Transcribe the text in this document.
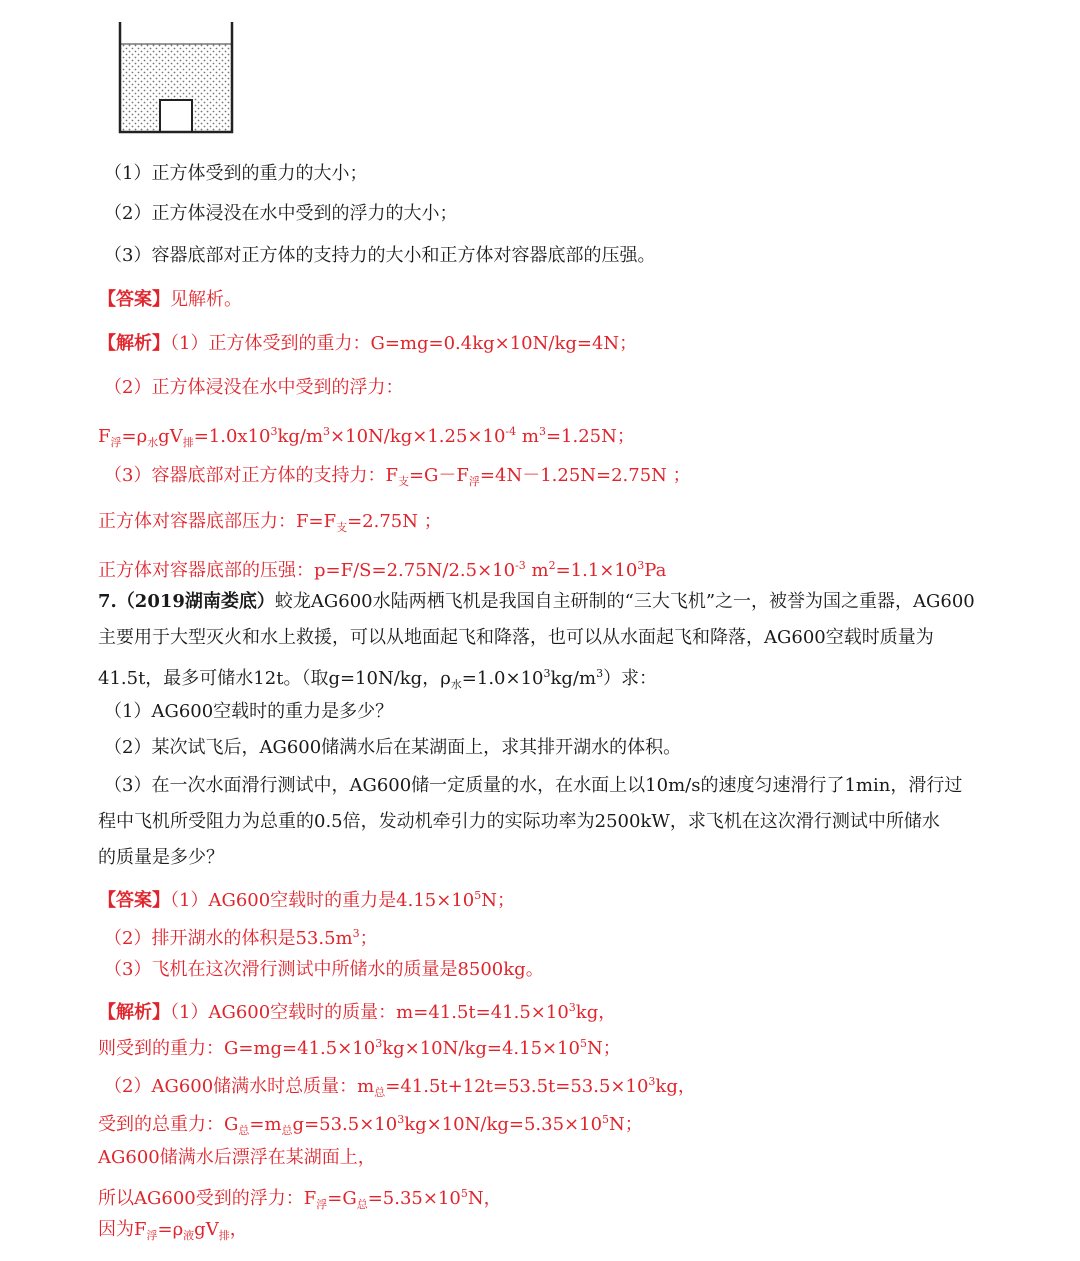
（1）正方体受到的重力的大小；
（2）正方体浸没在水中受到的浮力的大小；
（3）容器底部对正方体的支持力的大小和正方体对容器底部的压强。
【答案】见解析。
【解析】（1）正方体受到的重力：G=mg=0.4kg×10N/kg=4N；
（2）正方体浸没在水中受到的浮力：
$F_浮=\rho_水gV_排=1.0x10^3kg/m^3\times 10N/kg\times 1.25\times 10^{-4}$ $m^3=1.25N$；
（3）容器底部对正方体的支持力：$F_支=G-F_浮=4N-1.25N=2.75N$ ；
正方体对容器底部压力：$F=F_支=2.75N$ ；
正方体对容器底部的压强：$p=F/S=2.75N/2.5\times 10^{-3}$ $m^2=1.1\times 10^3Pa$
7.（2019湖南娄底）蛟龙AG600水陆两栖飞机是我国自主研制的“三大飞机”之一，被誉为国之重器，AG600
主要用于大型灭火和水上救援，可以从地面起飞和降落，也可以从水面起飞和降落，AG600空载时质量为
41.5t，最多可储水12t。（取g=10N/kg，$\rho_水=1.0\times 10^3kg/m^3$）求：
（1）AG600空载时的重力是多少？
（2）某次试飞后，AG600储满水后在某湖面上，求其排开湖水的体积。
（3）在一次水面滑行测试中，AG600储一定质量的水，在水面上以10m/s的速度匀速滑行了1min，滑行过
程中飞机所受阻力为总重的0.5倍，发动机牵引力的实际功率为2500kW，求飞机在这次滑行测试中所储水
的质量是多少？
【答案】（1）AG600空载时的重力是$4.15\times 10^5N$；
（2）排开湖水的体积是$53.5m^3$；
（3）飞机在这次滑行测试中所储水的质量是8500kg。
【解析】（1）AG600空载时的质量：$m=41.5t=41.5\times 10^3kg$，
则受到的重力：$G=mg=41.5\times 10^3kg\times 10N/kg=4.15\times 10^5N$；
（2）AG600储满水时总质量：$m_总=41.5t+12t=53.5t=53.5\times 10^3kg$，
受到的总重力：$G_总=m_总g=53.5\times 10^3kg\times 10N/kg=5.35\times 10^5N$；
AG600储满水后漂浮在某湖面上，
所以AG600受到的浮力：$F_浮=G_总=5.35\times 10^5N$，
因为$F_浮=\rho_液gV_排$，
